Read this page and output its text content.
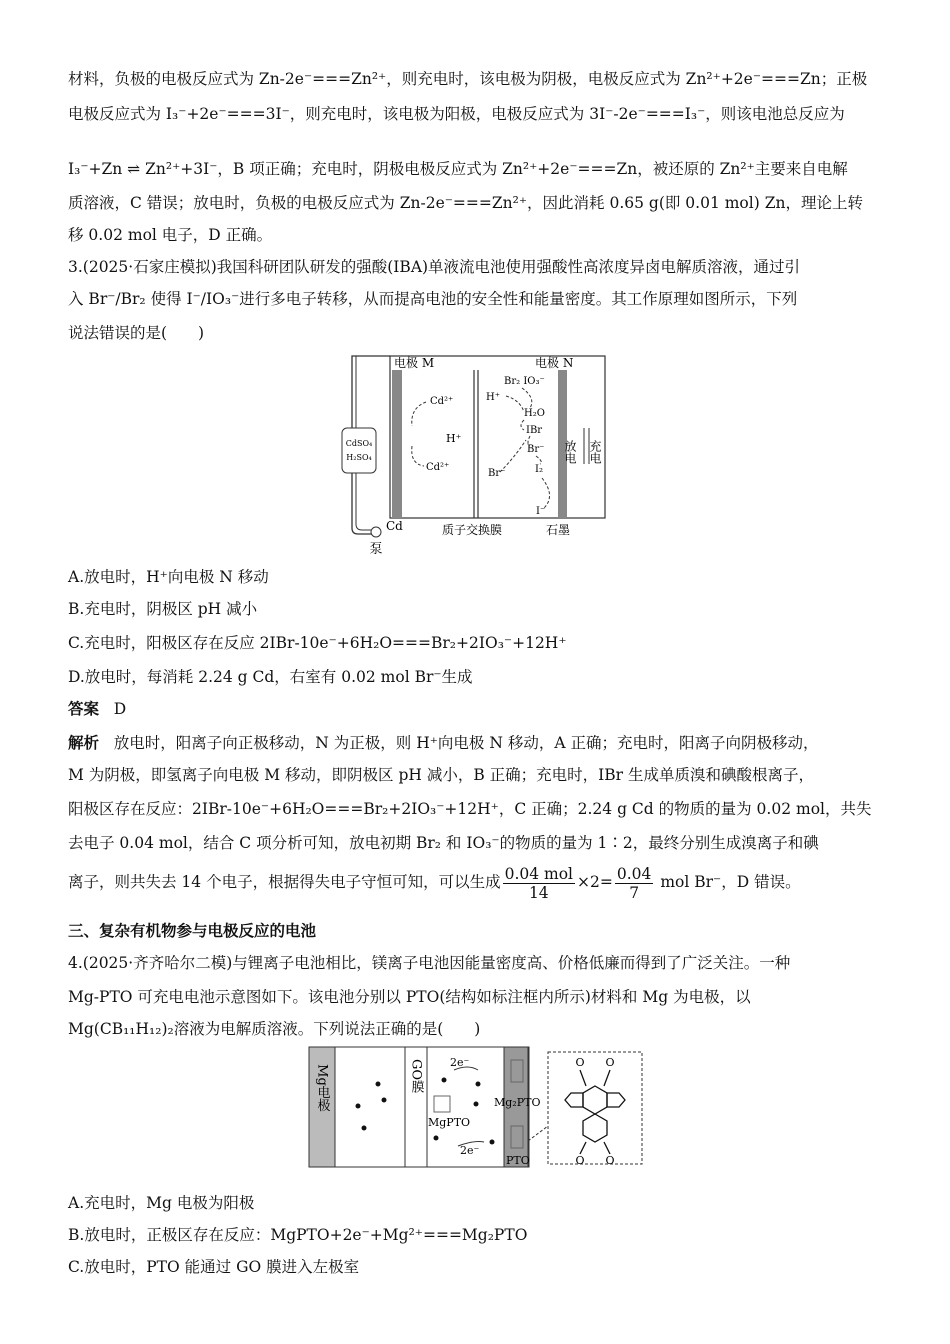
材料，负极的电极反应式为 Zn-2e⁻===Zn²⁺，则充电时，该电极为阴极，电极反应式为 Zn²⁺+2e⁻===Zn；正极
电极反应式为 I₃⁻+2e⁻===3I⁻，则充电时，该电极为阳极，电极反应式为 3I⁻-2e⁻===I₃⁻，则该电池总反应为
I₃⁻+Zn ⇌ Zn²⁺+3I⁻，B 项正确；充电时，阴极电极反应式为 Zn²⁺+2e⁻===Zn，被还原的 Zn²⁺主要来自电解
质溶液，C 错误；放电时，负极的电极反应式为 Zn-2e⁻===Zn²⁺，因此消耗 0.65 g(即 0.01 mol) Zn，理论上转
移 0.02 mol 电子，D 正确。
3.(2025·石家庄模拟)我国科研团队研发的强酸(IBA)单液流电池使用强酸性高浓度异卤电解质溶液，通过引
入 Br⁻/Br₂ 使得 I⁻/IO₃⁻进行多电子转移，从而提高电池的安全性和能量密度。其工作原理如图所示，下列
说法错误的是(　　)
CdSO₄
H₂SO₄
泵
电极 M	电极 N
Cd²⁺
H⁺
Cd²⁺
Br₂ IO₃⁻
H⁺
H₂O
IBr
Br⁻
I₂
Br⁻
I⁻
放电 充电
Cd	质子交换膜	石墨
A.放电时，H⁺向电极 N 移动
B.充电时，阴极区 pH 减小
C.充电时，阳极区存在反应 2IBr-10e⁻+6H₂O===Br₂+2IO₃⁻+12H⁺
D.放电时，每消耗 2.24 g Cd，右室有 0.02 mol Br⁻生成
答案 D
解析 放电时，阳离子向正极移动，N 为正极，则 H⁺向电极 N 移动，A 正确；充电时，阳离子向阴极移动，
M 为阴极，即氢离子向电极 M 移动，即阴极区 pH 减小，B 正确；充电时，IBr 生成单质溴和碘酸根离子，
阳极区存在反应：2IBr-10e⁻+6H₂O===Br₂+2IO₃⁻+12H⁺，C 正确；2.24 g Cd 的物质的量为 0.02 mol，共失
去电子 0.04 mol，结合 C 项分析可知，放电初期 Br₂ 和 IO₃⁻的物质的量为 1∶2，最终分别生成溴离子和碘
离子，则共失去 14 个电子，根据得失电子守恒可知，可以生成 $\frac{\text{0.04 mol}}{14} \times 2= \frac{0.04}{7}$ mol Br⁻，D 错误。
三、复杂有机物参与电极反应的电池
4.(2025·齐齐哈尔二模)与锂离子电池相比，镁离子电池因能量密度高、价格低廉而得到了广泛关注。一种
Mg-PTO 可充电电池示意图如下。该电池分别以 PTO(结构如标注框内所示)材料和 Mg 为电极，以
Mg(CB₁₁H₁₂)₂溶液为电解质溶液。下列说法正确的是(　　)
Mg电极	GO膜 2e⁻
MgPTO
2e⁻
Mg₂PTO
PTO
O O
O O
A.充电时，Mg 电极为阳极
B.放电时，正极区存在反应：MgPTO+2e⁻+Mg²⁺===Mg₂PTO
C.放电时，PTO 能通过 GO 膜进入左极室
